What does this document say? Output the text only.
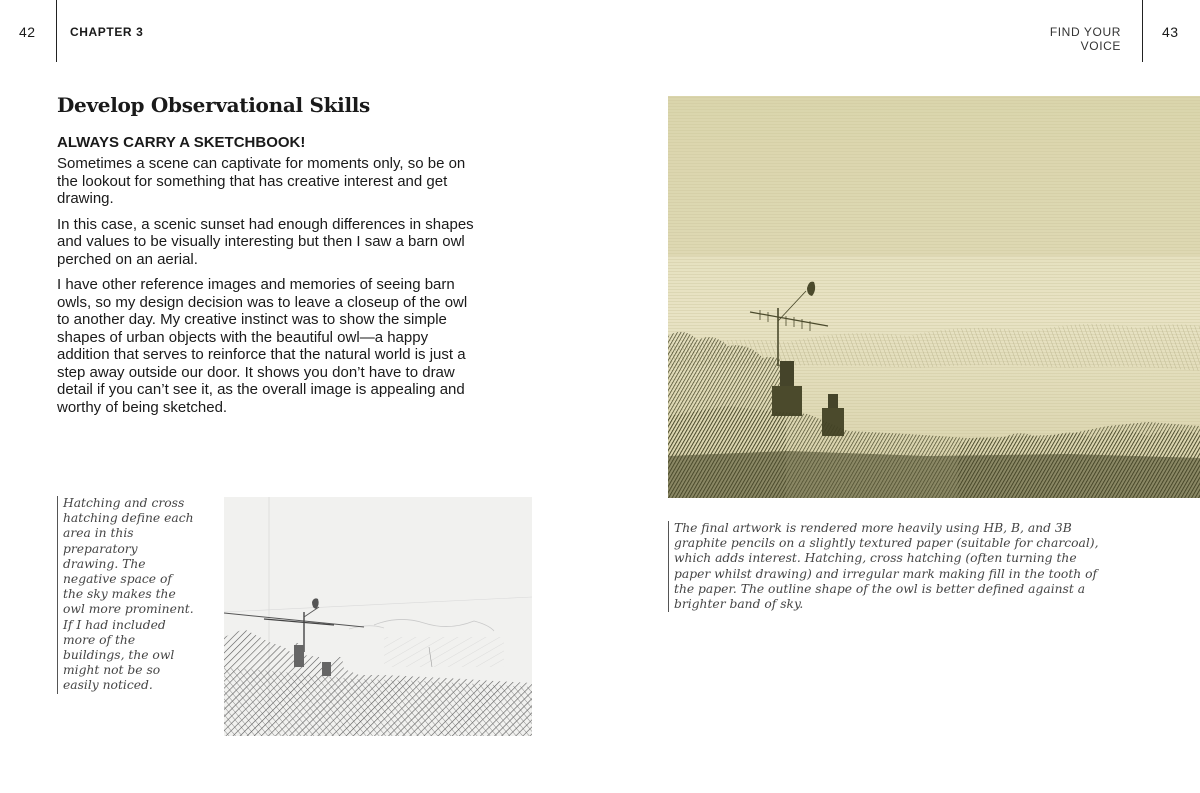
42	CHAPTER 3	FIND YOUR VOICE
43
Develop Observational Skills
ALWAYS CARRY A SKETCHBOOK!

Sometimes a scene can captivate for moments only, so be on the lookout for something that has creative interest and get drawing.

In this case, a scenic sunset had enough differences in shapes and values to be visually interesting but then I saw a barn owl perched on an aerial.

I have other reference images and memories of seeing barn owls, so my design decision was to leave a closeup of the owl to another day. My creative instinct was to show the simple shapes of urban objects with the beautiful owl—a happy addition that serves to reinforce that the natural world is just a step away outside our door. It shows you don’t have to draw detail if you can’t see it, as the overall image is appealing and worthy of being sketched.

Hatching and cross hatching define each area in this preparatory drawing. The negative space of the sky makes the owl more prominent. If I had included more of the buildings, the owl might not be so easily noticed.

The final artwork is rendered more heavily using HB, B, and 3B graphite pencils on a slightly textured paper (suitable for charcoal), which adds interest. Hatching, cross hatching (often turning the paper whilst drawing) and irregular mark making fill in the tooth of the paper. The outline shape of the owl is better defined against a brighter band of sky.
